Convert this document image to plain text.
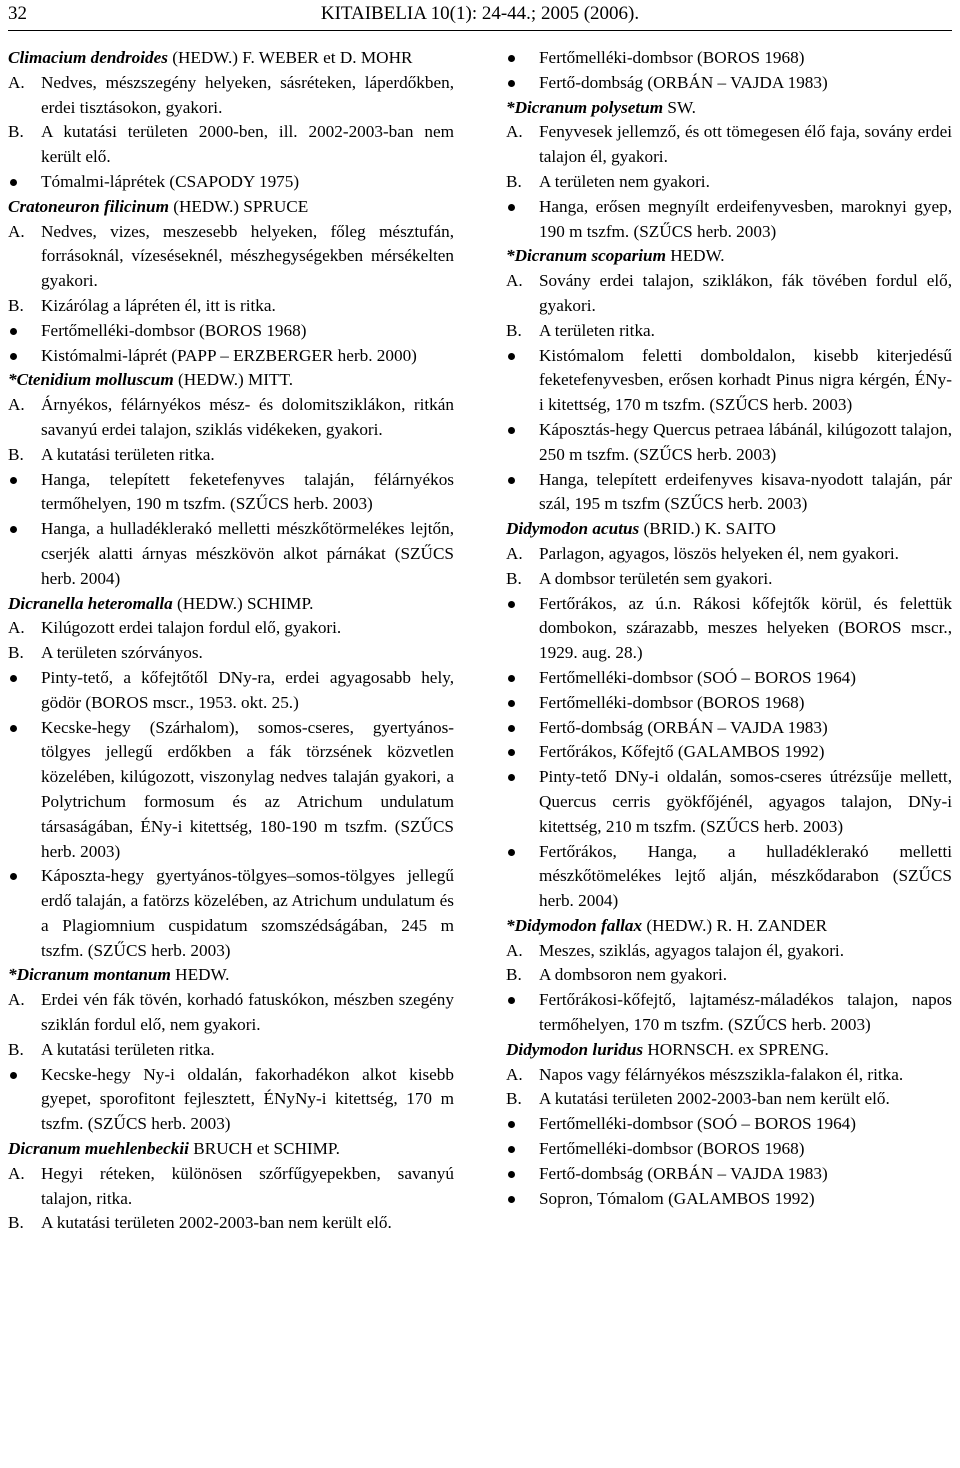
32	KITAIBELIA 10(1): 24-44.; 2005 (2006).
Climacium dendroides (HEDW.) F. WEBER et D. MOHR
A. Nedves, mészszegény helyeken, sásréteken, láperdőkben, erdei tisztásokon, gyakori.
B. A kutatási területen 2000-ben, ill. 2002-2003-ban nem került elő.
Tómalmi-láprétek (CSAPODY 1975)
Cratoneuron filicinum (HEDW.) SPRUCE
A. Nedves, vizes, meszesebb helyeken, főleg mésztufán, forrásoknál, vízeséseknél, mészhegységekben mérsékelten gyakori.
B. Kizárólag a lápréten él, itt is ritka.
Fertőmelléki-dombsor (BOROS 1968)
Kistómalmi-láprét (PAPP – ERZBERGER herb. 2000)
*Ctenidium molluscum (HEDW.) MITT.
A. Árnyékos, félárnyékos mész- és dolomitsziklákon, ritkán savanyú erdei talajon, sziklás vidékeken, gyakori.
B. A kutatási területen ritka.
Hanga, telepített feketefenyves talaján, félárnyékos termőhelyen, 190 m tszfm. (SZŰCS herb. 2003)
Hanga, a hulladéklerakó melletti mészkőtörmelékes lejtőn, cserjék alatti árnyas mészkövön alkot párnákat (SZŰCS herb. 2004)
Dicranella heteromalla (HEDW.) SCHIMP.
A. Kilúgozott erdei talajon fordul elő, gyakori.
B. A területen szórványos.
Pinty-tető, a kőfejtőtől DNy-ra, erdei agyagosabb hely, gödör (BOROS mscr., 1953. okt. 25.)
Kecske-hegy (Szárhalom), somos-cseres, gyertyános-tölgyes jellegű erdőkben a fák törzsének közvetlen közelében, kilúgozott, viszonylag nedves talaján gyakori, a Polytrichum formosum és az Atrichum undulatum társaságában, ÉNy-i kitettség, 180-190 m tszfm. (SZŰCS herb. 2003)
Káposzta-hegy gyertyános-tölgyes–somos-tölgyes jellegű erdő talaján, a fatörzs közelében, az Atrichum undulatum és a Plagiomnium cuspidatum szomszédságában, 245 m tszfm. (SZŰCS herb. 2003)
*Dicranum montanum HEDW.
A. Erdei vén fák tövén, korhadó fatuskókon, mészben szegény sziklán fordul elő, nem gyakori.
B. A kutatási területen ritka.
Kecske-hegy Ny-i oldalán, fakorhadékon alkot kisebb gyepet, sporofitont fejlesztett, ÉNyNy-i kitettség, 170 m tszfm. (SZŰCS herb. 2003)
Dicranum muehlenbeckii BRUCH et SCHIMP.
A. Hegyi réteken, különösen szőrfűgyepekben, savanyú talajon, ritka.
B. A kutatási területen 2002-2003-ban nem került elő.
Fertőmelléki-dombsor (BOROS 1968)
Fertő-dombság (ORBÁN – VAJDA 1983)
*Dicranum polysetum SW.
A. Fenyvesek jellemző, és ott tömegesen élő faja, sovány erdei talajon él, gyakori.
B. A területen nem gyakori.
Hanga, erősen megnyílt erdeifenyvesben, maroknyi gyep, 190 m tszfm. (SZŰCS herb. 2003)
*Dicranum scoparium HEDW.
A. Sovány erdei talajon, sziklákon, fák tövében fordul elő, gyakori.
B. A területen ritka.
Kistómalom feletti domboldalon, kisebb kiterjedésű feketefenyvesben, erősen korhadt Pinus nigra kérgén, ÉNy-i kitettség, 170 m tszfm. (SZŰCS herb. 2003)
Káposztás-hegy Quercus petraea lábánál, kilúgozott talajon, 250 m tszfm. (SZŰCS herb. 2003)
Hanga, telepített erdeifenyves kisava-nyodott talaján, pár szál, 195 m tszfm (SZŰCS herb. 2003)
Didymodon acutus (BRID.) K. SAITO
A. Parlagon, agyagos, löszös helyeken él, nem gyakori.
B. A dombsor területén sem gyakori.
Fertőrákos, az ú.n. Rákosi kőfejtők körül, és felettük dombokon, szárazabb, meszes helyeken (BOROS mscr., 1929. aug. 28.)
Fertőmelléki-dombsor (SOÓ – BOROS 1964)
Fertőmelléki-dombsor (BOROS 1968)
Fertő-dombság (ORBÁN – VAJDA 1983)
Fertőrákos, Kőfejtő (GALAMBOS 1992)
Pinty-tető DNy-i oldalán, somos-cseres útrézsűje mellett, Quercus cerris gyökfőjénél, agyagos talajon, DNy-i kitettség, 210 m tszfm. (SZŰCS herb. 2003)
Fertőrákos, Hanga, a hulladéklerakó melletti mészkőtömelékes lejtő alján, mészkődarabon (SZŰCS herb. 2004)
*Didymodon fallax (HEDW.) R. H. ZANDER
A. Meszes, sziklás, agyagos talajon él, gyakori.
B. A dombsoron nem gyakori.
Fertőrákosi-kőfejtő, lajtamész-máladékos talajon, napos termőhelyen, 170 m tszfm. (SZŰCS herb. 2003)
Didymodon luridus HORNSCH. ex SPRENG.
A. Napos vagy félárnyékos mészszikla-falakon él, ritka.
B. A kutatási területen 2002-2003-ban nem került elő.
Fertőmelléki-dombsor (SOÓ – BOROS 1964)
Fertőmelléki-dombsor (BOROS 1968)
Fertő-dombság (ORBÁN – VAJDA 1983)
Sopron, Tómalom (GALAMBOS 1992)
